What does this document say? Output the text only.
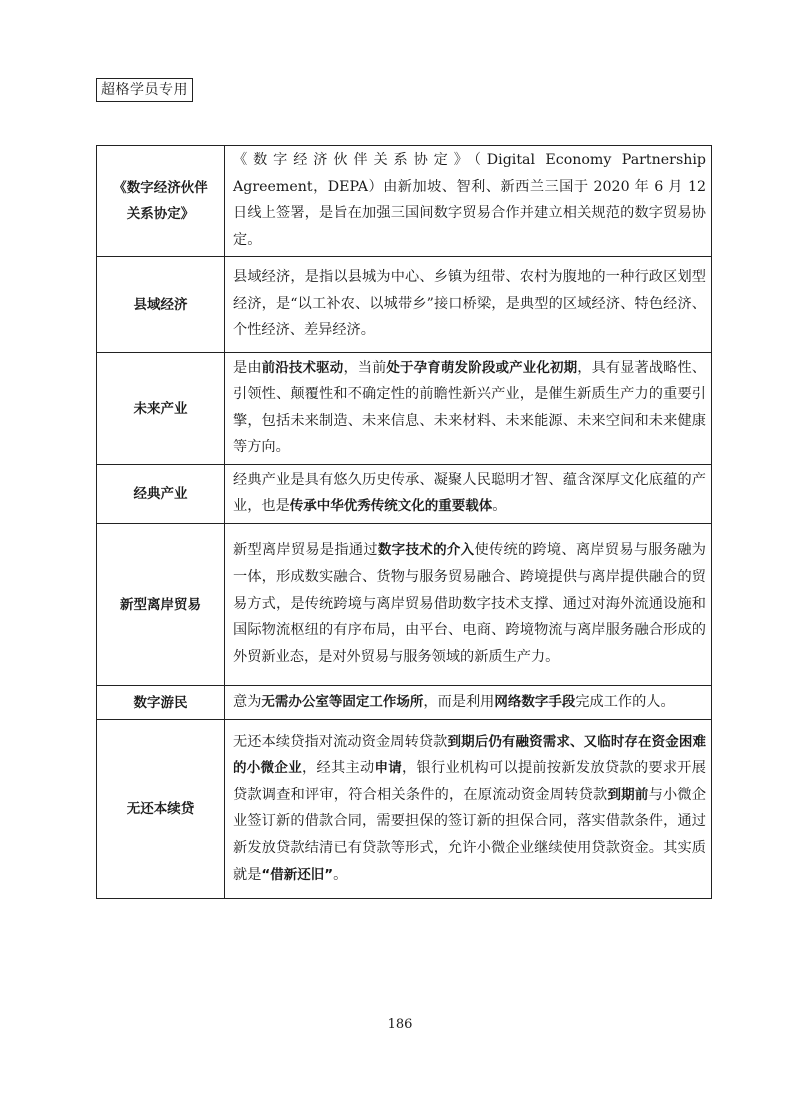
超格学员专用
《数字经济伙伴关系协定》	《数字经济伙伴关系协定》（Digital Economy Partnership Agreement，DEPA）由新加坡、智利、新西兰三国于 2020 年 6 月 12 日线上签署，是旨在加强三国间数字贸易合作并建立相关规范的数字贸易协定。
县域经济	县域经济，是指以县城为中心、乡镇为纽带、农村为腹地的一种行政区划型经济，是“以工补农、以城带乡”接口桥梁，是典型的区域经济、特色经济、个性经济、差异经济。
未来产业	是由前沿技术驱动，当前处于孕育萌发阶段或产业化初期，具有显著战略性、引领性、颠覆性和不确定性的前瞻性新兴产业，是催生新质生产力的重要引擎，包括未来制造、未来信息、未来材料、未来能源、未来空间和未来健康等方向。
经典产业	经典产业是具有悠久历史传承、凝聚人民聪明才智、蕴含深厚文化底蕴的产业，也是传承中华优秀传统文化的重要载体。
新型离岸贸易	新型离岸贸易是指通过数字技术的介入使传统的跨境、离岸贸易与服务融为一体，形成数实融合、货物与服务贸易融合、跨境提供与离岸提供融合的贸易方式，是传统跨境与离岸贸易借助数字技术支撑、通过对海外流通设施和国际物流枢纽的有序布局，由平台、电商、跨境物流与离岸服务融合形成的外贸新业态，是对外贸易与服务领域的新质生产力。
数字游民	意为无需办公室等固定工作场所，而是利用网络数字手段完成工作的人。
无还本续贷	无还本续贷指对流动资金周转贷款到期后仍有融资需求、又临时存在资金困难的小微企业，经其主动申请，银行业机构可以提前按新发放贷款的要求开展贷款调查和评审，符合相关条件的，在原流动资金周转贷款到期前与小微企业签订新的借款合同，需要担保的签订新的担保合同，落实借款条件，通过新发放贷款结清已有贷款等形式，允许小微企业继续使用贷款资金。其实质就是“借新还旧”。
186
